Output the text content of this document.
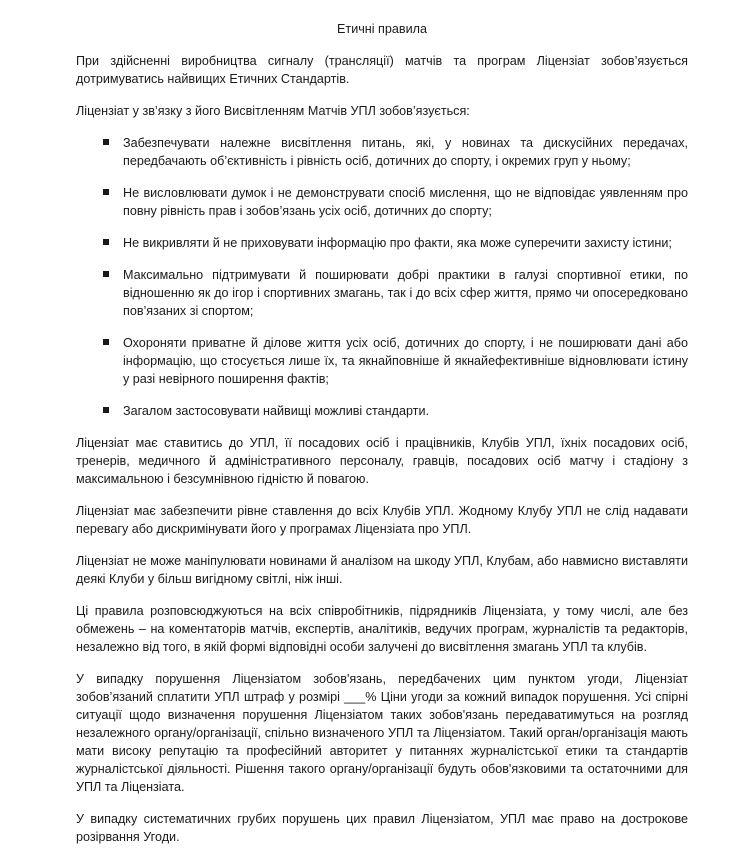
Етичні правила

При здійсненні виробництва сигналу (трансляції) матчів та програм Ліцензіат зобов’язується дотримуватись найвищих Етичних Стандартів.

Ліцензіат у зв’язку з його Висвітленням Матчів УПЛ зобов’язується:

Забезпечувати належне висвітлення питань, які, у новинах та дискусійних передачах, передбачають об’єктивність і рівність осіб, дотичних до спорту, і окремих груп у ньому;
Не висловлювати думок і не демонструвати спосіб мислення, що не відповідає уявленням про повну рівність прав і зобов’язань усіх осіб, дотичних до спорту;
Не викривляти й не приховувати інформацію про факти, яка може суперечити захисту істини;
Максимально підтримувати й поширювати добрі практики в галузі спортивної етики, по відношенню як до ігор і спортивних змагань, так і до всіх сфер життя, прямо чи опосередковано пов’язаних зі спортом;
Охороняти приватне й ділове життя усіх осіб, дотичних до спорту, і не поширювати дані або інформацію, що стосується лише їх, та якнайповніше й якнайефективніше відновлювати істину у разі невірного поширення фактів;
Загалом застосовувати найвищі можливі стандарти.

Ліцензіат має ставитись до УПЛ, її посадових осіб і працівників, Клубів УПЛ, їхніх посадових осіб, тренерів, медичного й адміністративного персоналу, гравців, посадових осіб матчу і стадіону з максимальною і безсумнівною гідністю й повагою.

Ліцензіат має забезпечити рівне ставлення до всіх Клубів УПЛ. Жодному Клубу УПЛ не слід надавати перевагу або дискримінувати його у програмах Ліцензіата про УПЛ.

Ліцензіат не може маніпулювати новинами й аналізом на шкоду УПЛ, Клубам, або навмисно виставляти деякі Клуби у більш вигідному світлі, ніж інші.

Ці правила розповсюджуються на всіх співробітників, підрядників Ліцензіата, у тому числі, але без обмежень – на коментаторів матчів, експертів, аналітиків, ведучих програм, журналістів та редакторів, незалежно від того, в якій формі відповідні особи залучені до висвітлення змагань УПЛ та клубів.

У випадку порушення Ліцензіатом зобов'язань, передбачених цим пунктом угоди, Ліцензіат зобов’язаний сплатити УПЛ штраф у розмірі ___% Ціни угоди за кожний випадок порушення. Усі спірні ситуації щодо визначення порушення Ліцензіатом таких зобов'язань передаватимуться на розгляд незалежного органу/організації, спільно визначеного УПЛ та Ліцензіатом. Такий орган/організація мають мати високу репутацію та професійний авторитет у питаннях журналістської етики та стандартів журналістської діяльності. Рішення такого органу/організації будуть обов'язковими та остаточними для УПЛ та Ліцензіата.

У випадку систематичних грубих порушень цих правил Ліцензіатом, УПЛ має право на дострокове розірвання Угоди.
